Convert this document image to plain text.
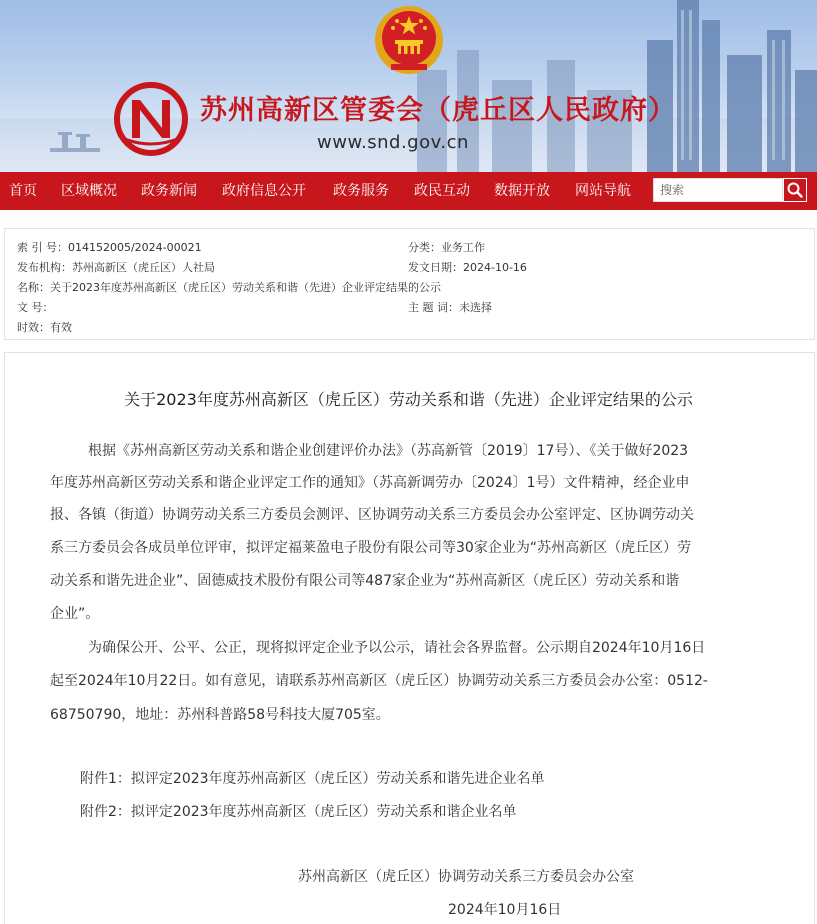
苏州高新区管委会（虎丘区人民政府）
www.snd.gov.cn
首页 区域概况 政务新闻 政府信息公开 政务服务 政民互动 数据开放 网站导航
搜索
索 引 号：014152005/2024-00021	分类：业务工作
发布机构：苏州高新区（虎丘区）人社局	发文日期：2024-10-16
名称：关于2023年度苏州高新区（虎丘区）劳动关系和谐（先进）企业评定结果的公示
文 号：	主 题 词：未选择
时效：有效
关于2023年度苏州高新区（虎丘区）劳动关系和谐（先进）企业评定结果的公示
根据《苏州高新区劳动关系和谐企业创建评价办法》（苏高新管〔2019〕17号）、《关于做好2023
年度苏州高新区劳动关系和谐企业评定工作的通知》（苏高新调劳办〔2024〕1号）文件精神，经企业申
报、各镇（街道）协调劳动关系三方委员会测评、区协调劳动关系三方委员会办公室评定、区协调劳动关
系三方委员会各成员单位评审，拟评定福莱盈电子股份有限公司等30家企业为“苏州高新区（虎丘区）劳
动关系和谐先进企业”、固德威技术股份有限公司等487家企业为“苏州高新区（虎丘区）劳动关系和谐
企业”。
为确保公开、公平、公正，现将拟评定企业予以公示，请社会各界监督。公示期自2024年10月16日
起至2024年10月22日。如有意见，请联系苏州高新区（虎丘区）协调劳动关系三方委员会办公室：0512-
68750790，地址：苏州科普路58号科技大厦705室。
附件1：拟评定2023年度苏州高新区（虎丘区）劳动关系和谐先进企业名单
附件2：拟评定2023年度苏州高新区（虎丘区）劳动关系和谐企业名单
苏州高新区（虎丘区）协调劳动关系三方委员会办公室
2024年10月16日
